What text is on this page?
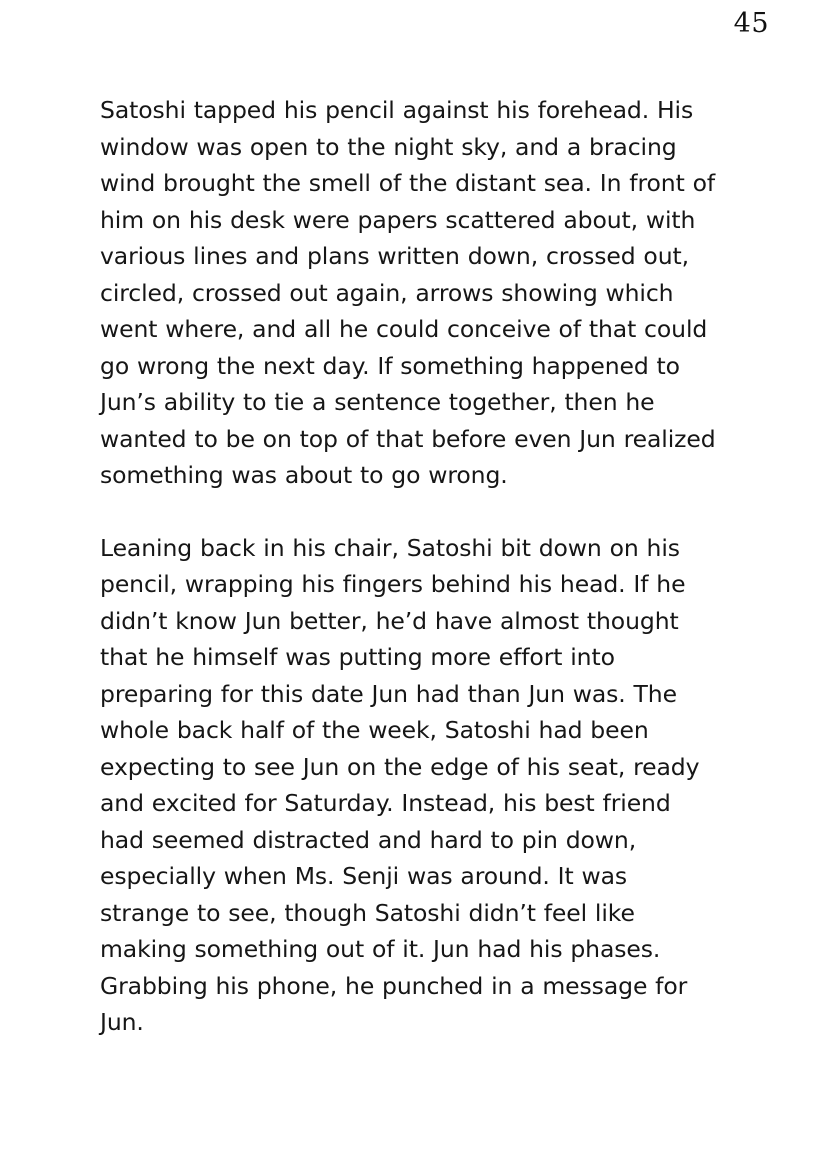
45

Satoshi tapped his pencil against his forehead. His window was open to the night sky, and a bracing wind brought the smell of the distant sea. In front of him on his desk were papers scattered about, with various lines and plans written down, crossed out, circled, crossed out again, arrows showing which went where, and all he could conceive of that could go wrong the next day. If something happened to Jun’s ability to tie a sentence together, then he wanted to be on top of that before even Jun realized something was about to go wrong.

Leaning back in his chair, Satoshi bit down on his pencil, wrapping his fingers behind his head. If he didn’t know Jun better, he’d have almost thought that he himself was putting more effort into preparing for this date Jun had than Jun was. The whole back half of the week, Satoshi had been expecting to see Jun on the edge of his seat, ready and excited for Saturday. Instead, his best friend had seemed distracted and hard to pin down, especially when Ms. Senji was around. It was strange to see, though Satoshi didn’t feel like making something out of it. Jun had his phases. Grabbing his phone, he punched in a message for Jun.
